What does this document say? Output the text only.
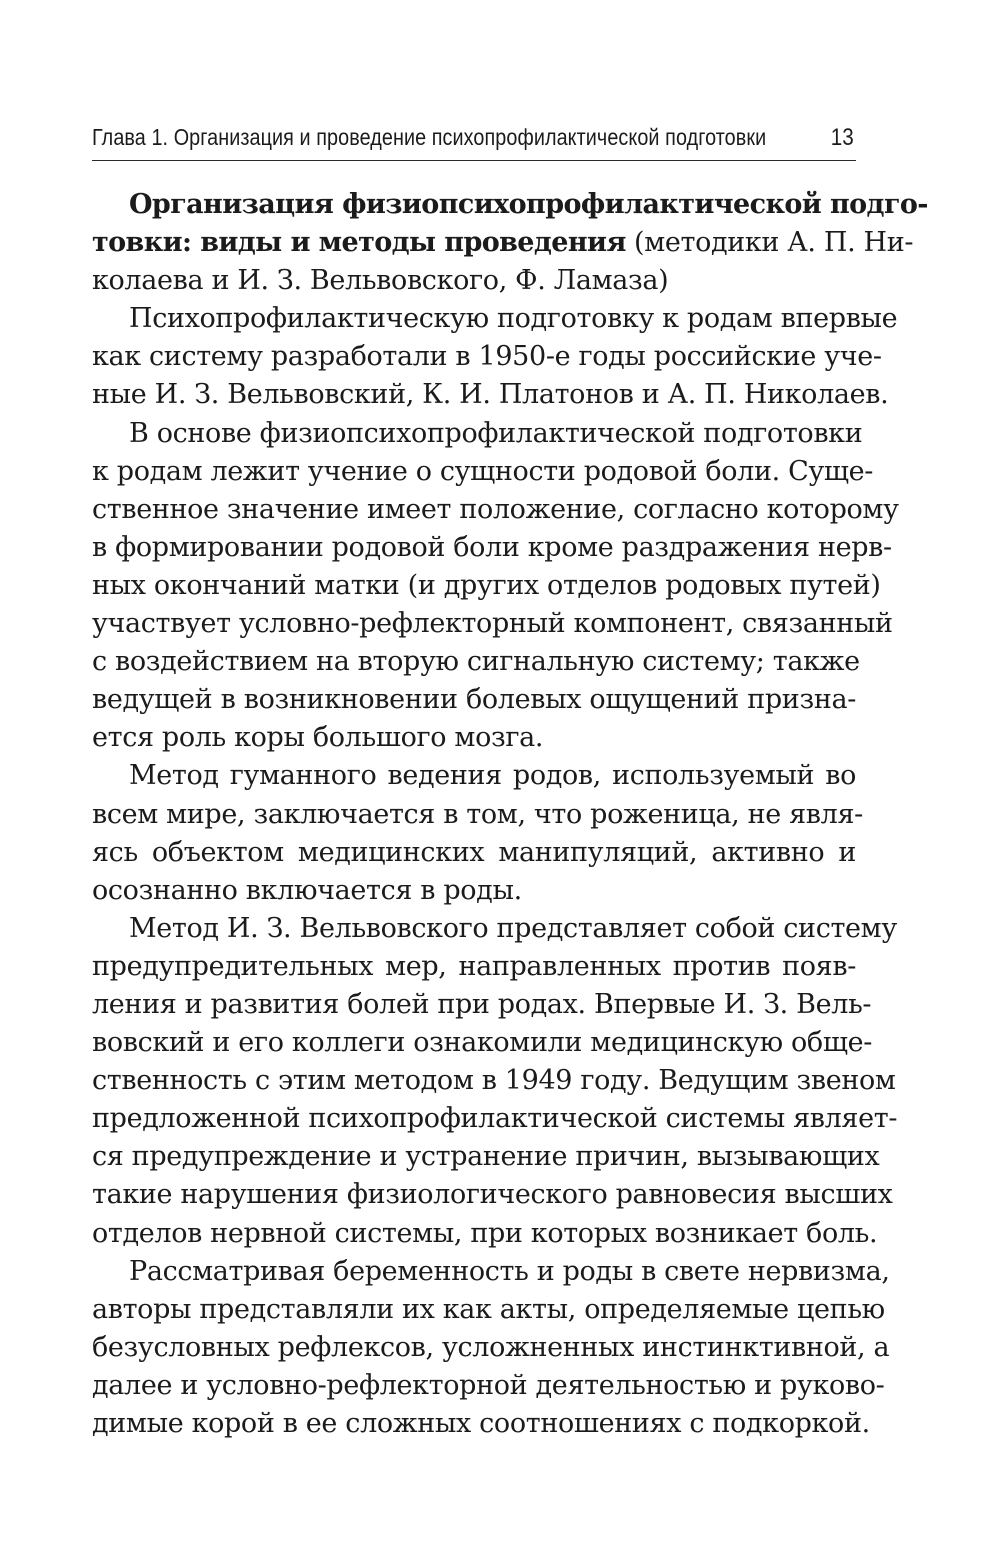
Глава 1. Организация и проведение психопрофилактической подготовки	13
Организация физиопсихопрофилактической подго-
товки: виды и методы проведения (методики А. П. Ни-
колаева и И. З. Вельвовского, Ф. Ламаза)
Психопрофилактическую подготовку к родам впервые
как систему разработали в 1950-е годы российские уче-
ные И. З. Вельвовский, К. И. Платонов и А. П. Николаев.
В основе физиопсихопрофилактической подготовки
к родам лежит учение о сущности родовой боли. Суще-
ственное значение имеет положение, согласно которому
в формировании родовой боли кроме раздражения нерв-
ных окончаний матки (и других отделов родовых путей)
участвует условно-рефлекторный компонент, связанный
с воздействием на вторую сигнальную систему; также
ведущей в возникновении болевых ощущений призна-
ется роль коры большого мозга.
Метод гуманного ведения родов, используемый во
всем мире, заключается в том, что роженица, не явля-
ясь объектом медицинских манипуляций, активно и
осознанно включается в роды.
Метод И. З. Вельвовского представляет собой систему
предупредительных мер, направленных против появ-
ления и развития болей при родах. Впервые И. З. Вель-
вовский и его коллеги ознакомили медицинскую обще-
ственность с этим методом в 1949 году. Ведущим звеном
предложенной психопрофилактической системы являет-
ся предупреждение и устранение причин, вызывающих
такие нарушения физиологического равновесия высших
отделов нервной системы, при которых возникает боль.
Рассматривая беременность и роды в свете нервизма,
авторы представляли их как акты, определяемые цепью
безусловных рефлексов, усложненных инстинктивной, а
далее и условно-рефлекторной деятельностью и руково-
димые корой в ее сложных соотношениях с подкоркой.
